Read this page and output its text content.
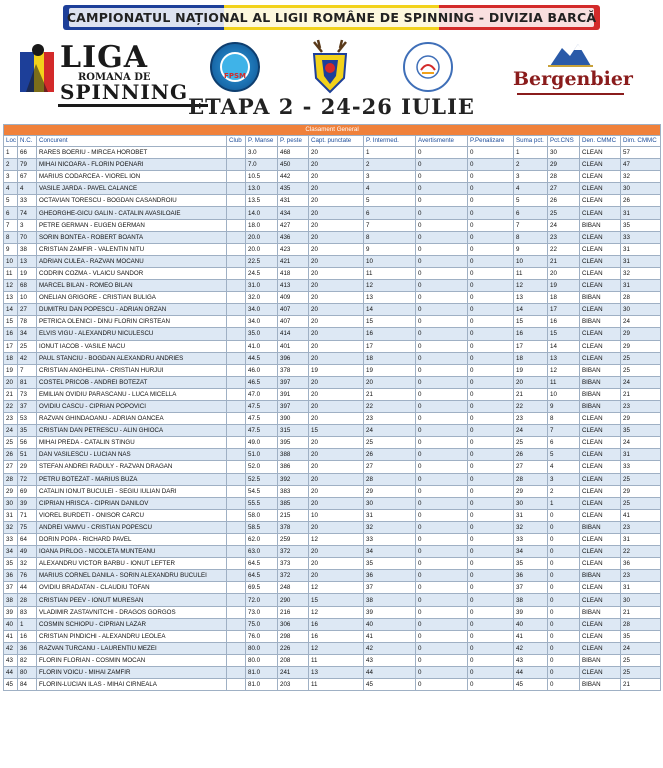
CAMPIONATUL NAȚIONAL AL LIGII ROMÂNE DE SPINNING - DIVIZIA BARCĂ
LIGA
ROMANA DE
SPINNING
FPSM	Bergenbier
ETAPA 2 - 24-26 IULIE
Clasament General													
Loc	N.C.	Concurent	Club	P. Manse	P. peste	Capt. punctate	P. Intermed.	Avertismente	P.Penalizare	Suma pct.	Pct.CNS	Den. CMMC	Dim. CMMC
1	66	RARES BOERIU - MIRCEA HOROBET		3.0	468	20	1	0	0	1	30	CLEAN	57
2	79	MIHAI NICOARA - FLORIN POENARI		7.0	450	20	2	0	0	2	29	CLEAN	47
3	67	MARIUS CODARCEA - VIOREL ION		10.5	442	20	3	0	0	3	28	CLEAN	32
4	4	VASILE JARDA - PAVEL CALANCE		13.0	435	20	4	0	0	4	27	CLEAN	30
5	33	OCTAVIAN TORESCU - BOGDAN CASANDROIU		13.5	431	20	5	0	0	5	26	CLEAN	26
6	74	GHEORGHE-GICU GALIN - CATALIN AVASILOAIE		14.0	434	20	6	0	0	6	25	CLEAN	31
7	3	PETRE GERMAN - EUGEN GERMAN		18.0	427	20	7	0	0	7	24	BIBAN	35
8	70	SORIN BONTEA - ROBERT BOANTA		20.0	436	20	8	0	0	8	23	CLEAN	33
9	38	CRISTIAN ZAMFIR - VALENTIN NITU		20.0	423	20	9	0	0	9	22	CLEAN	31
10	13	ADRIAN CULEA - RAZVAN MOCANU		22.5	421	20	10	0	0	10	21	CLEAN	31
11	19	CODRIN COZMA - VLAICU SANDOR		24.5	418	20	11	0	0	11	20	CLEAN	32
12	68	MARCEL BILAN - ROMEO BILAN		31.0	413	20	12	0	0	12	19	CLEAN	31
13	10	ONELIAN GRIGORE - CRISTIAN BULIGA		32.0	409	20	13	0	0	13	18	BIBAN	28
14	27	DUMITRU DAN POPESCU - ADRIAN ORZAN		34.0	407	20	14	0	0	14	17	CLEAN	30
15	78	PETRICA OLENICI - DINU FLORIN CIRSTEAN		34.0	407	20	15	0	0	15	16	BIBAN	24
16	34	ELVIS VIGU - ALEXANDRU NICULESCU		35.0	414	20	16	0	0	16	15	CLEAN	29
17	25	IONUT IACOB - VASILE NACU		41.0	401	20	17	0	0	17	14	CLEAN	29
18	42	PAUL STANCIU - BOGDAN ALEXANDRU ANDRIES		44.5	396	20	18	0	0	18	13	CLEAN	25
19	7	CRISTIAN ANGHELINA - CRISTIAN HURJUI		46.0	378	19	19	0	0	19	12	BIBAN	25
20	81	COSTEL PRICOB - ANDREI BOTEZAT		46.5	397	20	20	0	0	20	11	BIBAN	24
21	73	EMILIAN OVIDIU PARASCANU - LUCA MICELLA		47.0	391	20	21	0	0	21	10	BIBAN	21
22	37	OVIDIU CASCU - CIPRIAN POPOVICI		47.5	397	20	22	0	0	22	9	BIBAN	23
23	53	RAZVAN GHINDAOANU - ADRIAN OANCEA		47.5	390	20	23	0	0	23	8	CLEAN	29
24	35	CRISTIAN DAN PETRESCU - ALIN GHIOCA		47.5	315	15	24	0	0	24	7	CLEAN	35
25	56	MIHAI PREDA - CATALIN STINGU		49.0	395	20	25	0	0	25	6	CLEAN	24
26	51	DAN VASILESCU - LUCIAN NAS		51.0	388	20	26	0	0	26	5	CLEAN	31
27	29	STEFAN ANDREI RADULY - RAZVAN DRAGAN		52.0	386	20	27	0	0	27	4	CLEAN	33
28	72	PETRU BOTEZAT - MARIUS BUZA		52.5	392	20	28	0	0	28	3	CLEAN	25
29	69	CATALIN IONUT BUCULEI - SEGIU IULIAN DARI		54.5	383	20	29	0	0	29	2	CLEAN	29
30	39	CIPRIAN HRISCA - CIPRIAN DANILOV		55.5	385	20	30	0	0	30	1	CLEAN	25
31	71	VIOREL BURDETI - ONISOR CARCU		58.0	215	10	31	0	0	31	0	CLEAN	41
32	75	ANDREI VAMVU - CRISTIAN POPESCU		58.5	378	20	32	0	0	32	0	BIBAN	23
33	64	DORIN POPA - RICHARD PAVEL		62.0	259	12	33	0	0	33	0	CLEAN	31
34	49	IOANA PIRLOG - NICOLETA MUNTEANU		63.0	372	20	34	0	0	34	0	CLEAN	22
35	32	ALEXANDRU VICTOR BARBU - IONUT LEFTER		64.5	373	20	35	0	0	35	0	CLEAN	36
36	76	MARIUS CORNEL DANILA - SORIN ALEXANDRU BUCULEI		64.5	372	20	36	0	0	36	0	BIBAN	23
37	44	OVIDIU BRADATAN - CLAUDIU TOFAN		69.5	248	12	37	0	0	37	0	CLEAN	31
38	28	CRISTIAN PEEV - IONUT MURESAN		72.0	290	15	38	0	0	38	0	CLEAN	30
39	83	VLADIMIR ZASTAVNITCHI - DRAGOS GORGOS		73.0	216	12	39	0	0	39	0	BIBAN	21
40	1	COSMIN SCHIOPU - CIPRIAN LAZAR		75.0	306	16	40	0	0	40	0	CLEAN	28
41	16	CRISTIAN PINDICHI - ALEXANDRU LEOLEA		76.0	298	16	41	0	0	41	0	CLEAN	35
42	36	RAZVAN TURCANU - LAURENTIU MEZEI		80.0	226	12	42	0	0	42	0	CLEAN	24
43	82	FLORIN FLORIAN - COSMIN MOCAN		80.0	208	11	43	0	0	43	0	BIBAN	25
44	80	FLORIN VOICU - MIHAI ZAMFIR		81.0	241	13	44	0	0	44	0	CLEAN	25
45	84	FLORIN-LUCIAN ILAS - MIHAI CIRNEALA		81.0	203	11	45	0	0	45	0	BIBAN	21
